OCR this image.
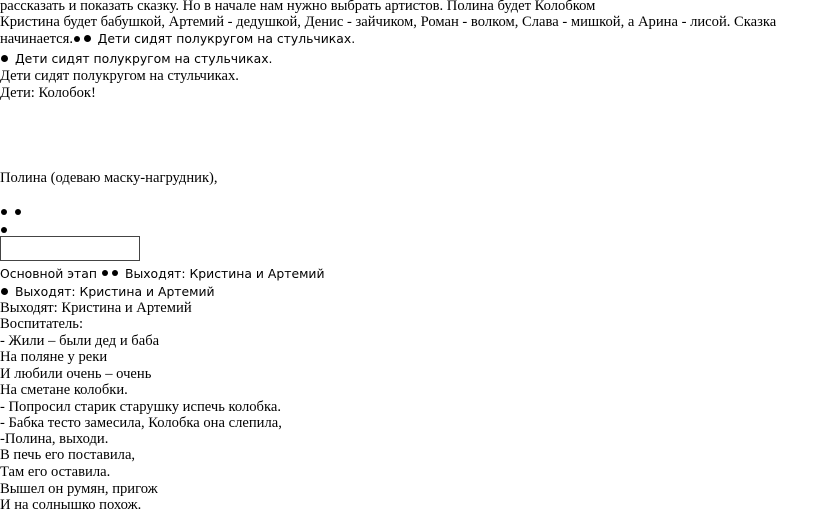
рассказать и показать сказку. Но в начале нам нужно выбрать артистов. Полина будет Колобком
Кристина будет бабушкой, Артемий - дедушкой, Денис - зайчиком, Роман - волком, Слава - мишкой, а Арина - лисой. Сказка
начинается. Дети сидят полукругом на стульчиках.
Дети сидят полукругом на стульчиках.
Дети сидят полукругом на стульчиках.
Дети: Колобок!
Полина (одеваю маску-нагрудник),

Основной этап Выходят: Кристина и Артемий
Выходят: Кристина и Артемий
Выходят: Кристина и Артемий
Воспитатель:
- Жили – были дед и баба
На поляне у реки
И любили очень – очень
На сметане колобки.
- Попросил старик старушку испечь колобка.
- Бабка тесто замесила, Колобка она слепила,
-Полина, выходи.
В печь его поставила,
Там его оставила.
Вышел он румян, пригож
И на солнышко похож.
